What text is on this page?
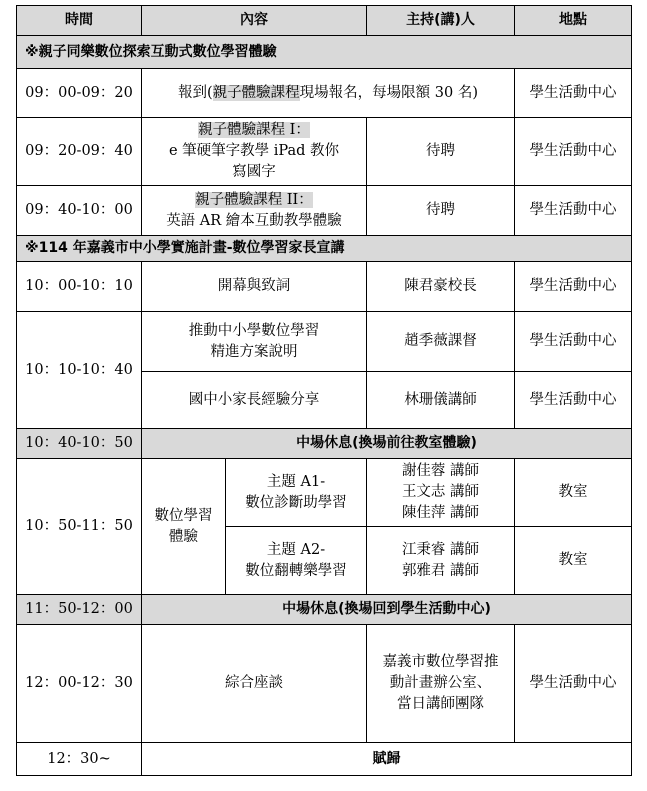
時間	內容		主持(講)人	地點
※親子同樂數位探索互動式數位學習體驗				
09：00-09：20	報到(親子體驗課程現場報名，每場限額 30 名)			學生活動中心
09：20-09：40	親子體驗課程 I：
e 筆硬筆字教學 iPad 教你
寫國字		待聘	學生活動中心
09：40-10：00	親子體驗課程 II：
英語 AR 繪本互動教學體驗		待聘	學生活動中心
※114 年嘉義市中小學實施計畫-數位學習家長宣講				
10：00-10：10	開幕與致詞		陳君豪校長	學生活動中心
10：10-10：40	推動中小學數位學習
精進方案說明		趙季薇課督	學生活動中心
	國中小家長經驗分享		林珊儀講師	學生活動中心
10：40-10：50	中場休息(換場前往教室體驗)			
10：50-11：50	數位學習
體驗	主題 A1-
數位診斷助學習	謝佳蓉 講師
王文志 講師
陳佳萍 講師	教室

		主題 A2-
數位翻轉樂學習	江秉睿 講師
郭雅君 講師	教室
11：50-12：00	中場休息(換場回到學生活動中心)			
12：00-12：30	綜合座談		嘉義市數位學習推
動計畫辦公室、
當日講師團隊	學生活動中心
12：30~	賦歸			
